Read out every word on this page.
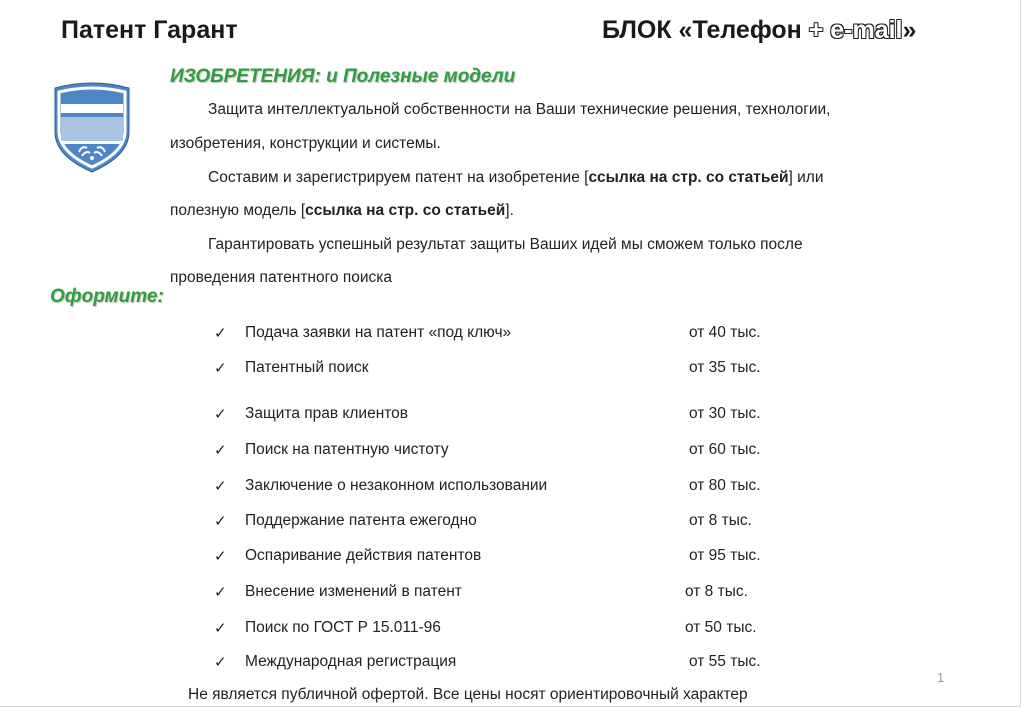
Патент Гарант	БЛОК «Телефон + e-mail»
ИЗОБРЕТЕНИЯ: и Полезные модели
Защита интеллектуальной собственности на Ваши технические решения, технологии,
изобретения, конструкции и системы.
Составим и зарегистрируем патент на изобретение [ссылка на стр. со статьей] или
полезную модель [ссылка на стр. со статьей].
Гарантировать успешный результат защиты Ваших идей мы сможем только после
проведения патентного поиска
Оформите:
✓ Подача заявки на патент «под ключ»	от 40 тыс.
✓ Патентный поиск	от 35 тыс.
✓ Защита прав клиентов	от 30 тыс.
✓ Поиск на патентную чистоту	от 60 тыс.
✓ Заключение о незаконном использовании	от 80 тыс.
✓ Поддержание патента ежегодно	от 8 тыс.
✓ Оспаривание действия патентов	от 95 тыс.
✓ Внесение изменений в патент	от 8 тыс.
✓ Поиск по ГОСТ Р 15.011-96	от 50 тыс.
✓ Международная регистрация	от 55 тыс.
1
Не является публичной офертой. Все цены носят ориентировочный характер
